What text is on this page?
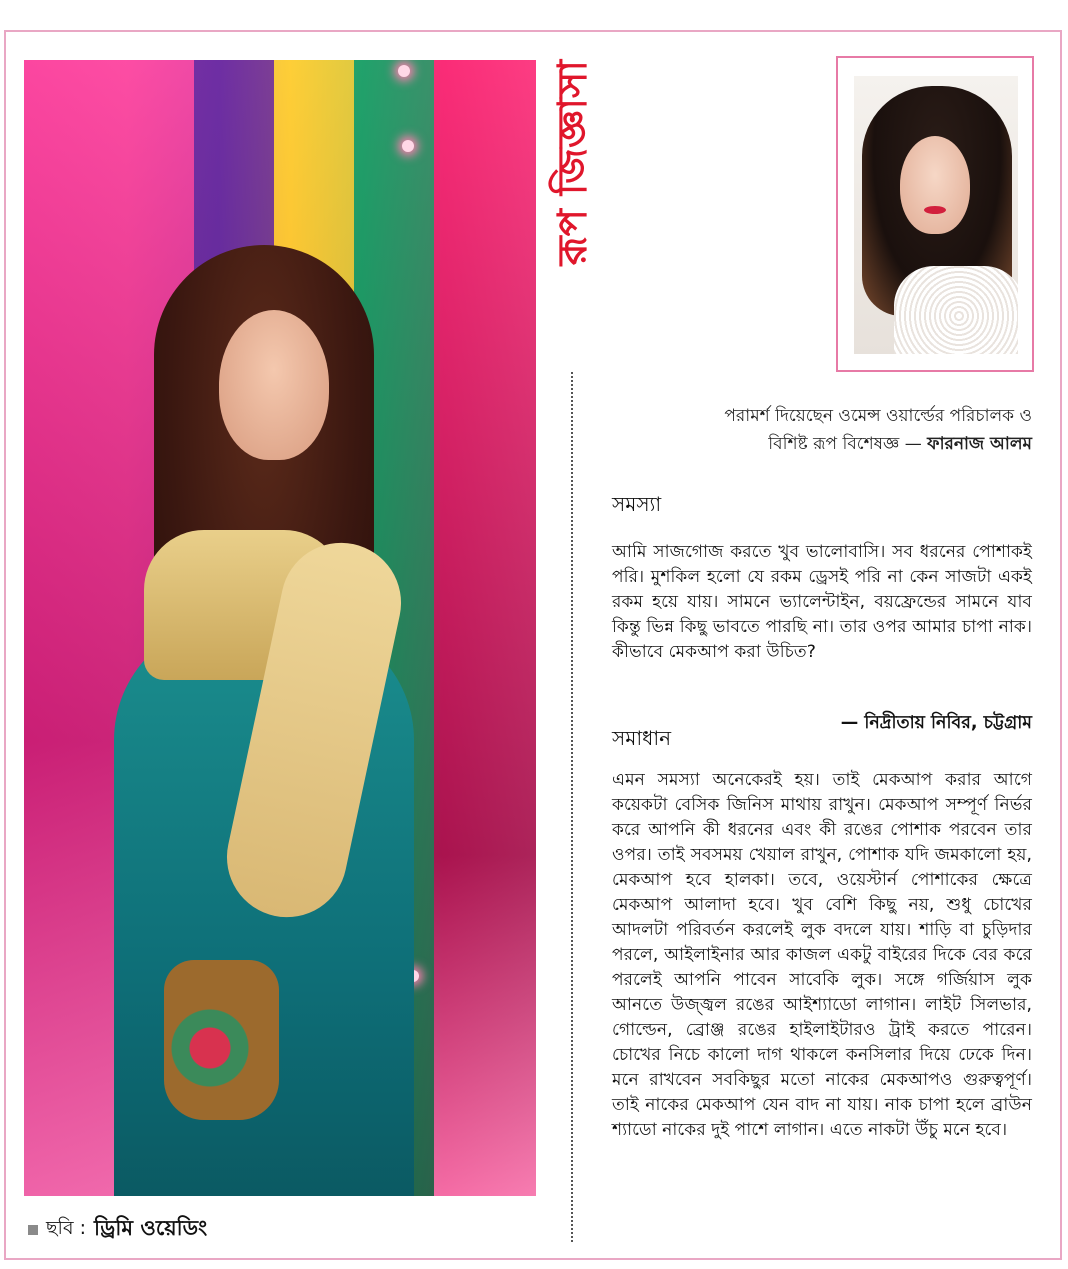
ছবি : ড্রিমি ওয়েডিং
রূপ জিজ্ঞাসা
পরামর্শ দিয়েছেন ওমেন্স ওয়ার্ল্ডের পরিচালক ও
বিশিষ্ট রূপ বিশেষজ্ঞ — ফারনাজ আলম
সমস্যা
আমি সাজগোজ করতে খুব ভালোবাসি। সব ধরনের পোশাকই পরি। মুশকিল হলো যে রকম ড্রেসই পরি না কেন সাজটা একই রকম হয়ে যায়। সামনে ভ্যালেন্টাইন, বয়ফ্রেন্ডের সামনে যাব কিন্তু ভিন্ন কিছু ভাবতে পারছি না। তার ওপর আমার চাপা নাক। কীভাবে মেকআপ করা উচিত?
সমাধান
— নিদ্রীতায় নিবির, চট্টগ্রাম
এমন সমস্যা অনেকেরই হয়। তাই মেকআপ করার আগে কয়েকটা বেসিক জিনিস মাথায় রাখুন। মেকআপ সম্পূর্ণ নির্ভর করে আপনি কী ধরনের এবং কী রঙের পোশাক পরবেন তার ওপর। তাই সবসময় খেয়াল রাখুন, পোশাক যদি জমকালো হয়, মেকআপ হবে হালকা। তবে, ওয়েস্টার্ন পোশাকের ক্ষেত্রে মেকআপ আলাদা হবে। খুব বেশি কিছু নয়, শুধু চোখের আদলটা পরিবর্তন করলেই লুক বদলে যায়। শাড়ি বা চুড়িদার পরলে, আইলাইনার আর কাজল একটু বাইরের দিকে বের করে পরলেই আপনি পাবেন সাবেকি লুক। সঙ্গে গর্জিয়াস লুক আনতে উজ্জ্বল রঙের আইশ্যাডো লাগান। লাইট সিলভার, গোল্ডেন, ব্রোঞ্জ রঙের হাইলাইটারও ট্রাই করতে পারেন। চোখের নিচে কালো দাগ থাকলে কনসিলার দিয়ে ঢেকে দিন। মনে রাখবেন সবকিছুর মতো নাকের মেকআপও গুরুত্বপূর্ণ। তাই নাকের মেকআপ যেন বাদ না যায়। নাক চাপা হলে ব্রাউন শ্যাডো নাকের দুই পাশে লাগান। এতে নাকটা উঁচু মনে হবে।
